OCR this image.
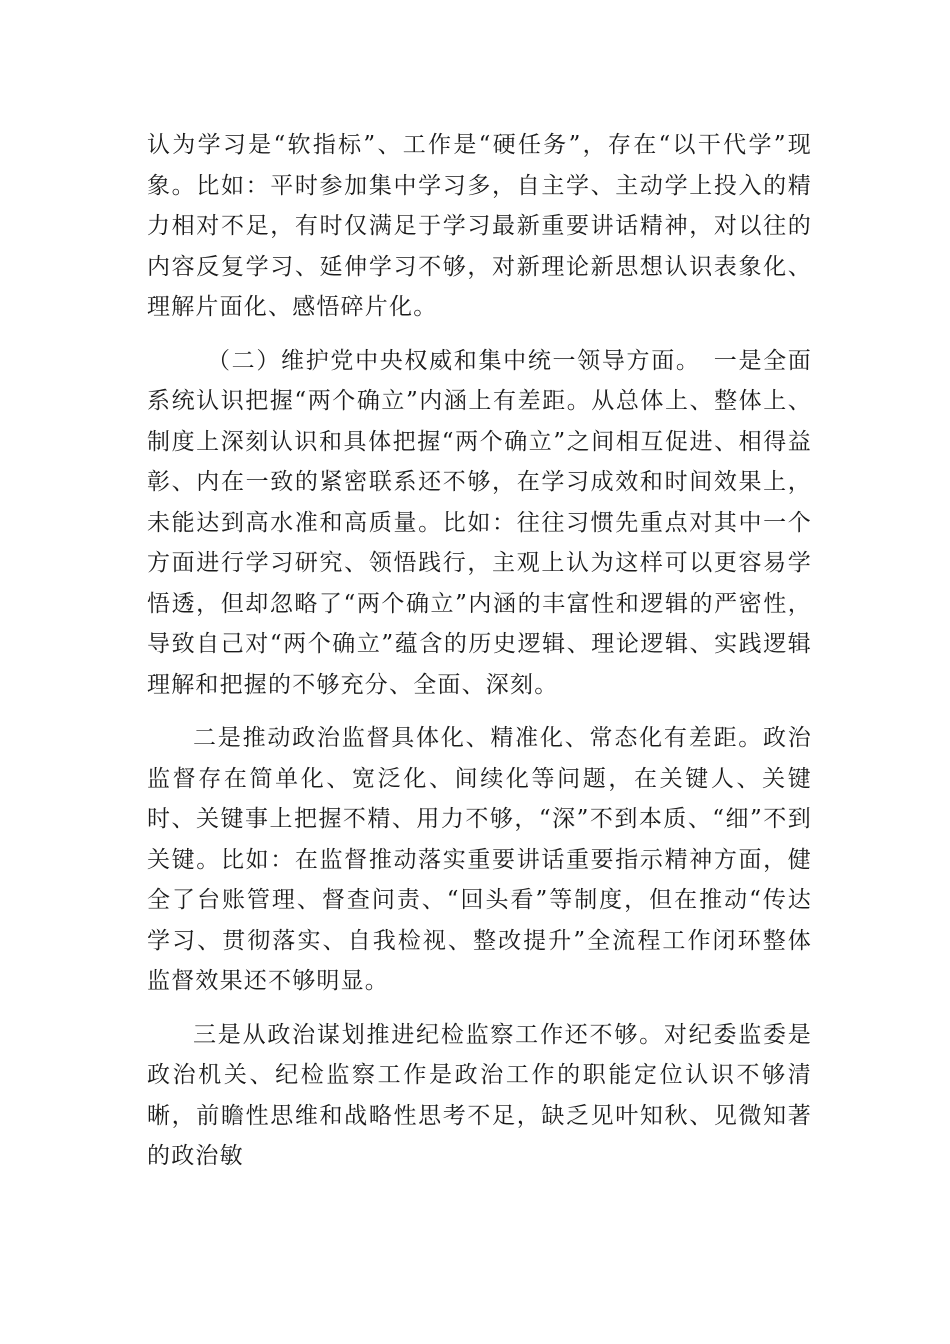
认为学习是“软指标”、工作是“硬任务”，存在“以干代学”现象。比如：平时参加集中学习多，自主学、主动学上投入的精力相对不足，有时仅满足于学习最新重要讲话精神，对以往的内容反复学习、延伸学习不够，对新理论新思想认识表象化、理解片面化、感悟碎片化。

（二）维护党中央权威和集中统一领导方面。　一是全面系统认识把握“两个确立”内涵上有差距。从总体上、整体上、制度上深刻认识和具体把握“两个确立”之间相互促进、相得益彰、内在一致的紧密联系还不够，在学习成效和时间效果上，未能达到高水准和高质量。比如：往往习惯先重点对其中一个方面进行学习研究、领悟践行，主观上认为这样可以更容易学悟透，但却忽略了“两个确立”内涵的丰富性和逻辑的严密性，导致自己对“两个确立”蕴含的历史逻辑、理论逻辑、实践逻辑理解和把握的不够充分、全面、深刻。

二是推动政治监督具体化、精准化、常态化有差距。政治监督存在简单化、宽泛化、间续化等问题，在关键人、关键时、关键事上把握不精、用力不够，“深”不到本质、“细”不到关键。比如：在监督推动落实重要讲话重要指示精神方面，健全了台账管理、督查问责、“回头看”等制度，但在推动“传达学习、贯彻落实、自我检视、整改提升”全流程工作闭环整体监督效果还不够明显。

三是从政治谋划推进纪检监察工作还不够。对纪委监委是政治机关、纪检监察工作是政治工作的职能定位认识不够清晰，前瞻性思维和战略性思考不足，缺乏见叶知秋、见微知著的政治敏
